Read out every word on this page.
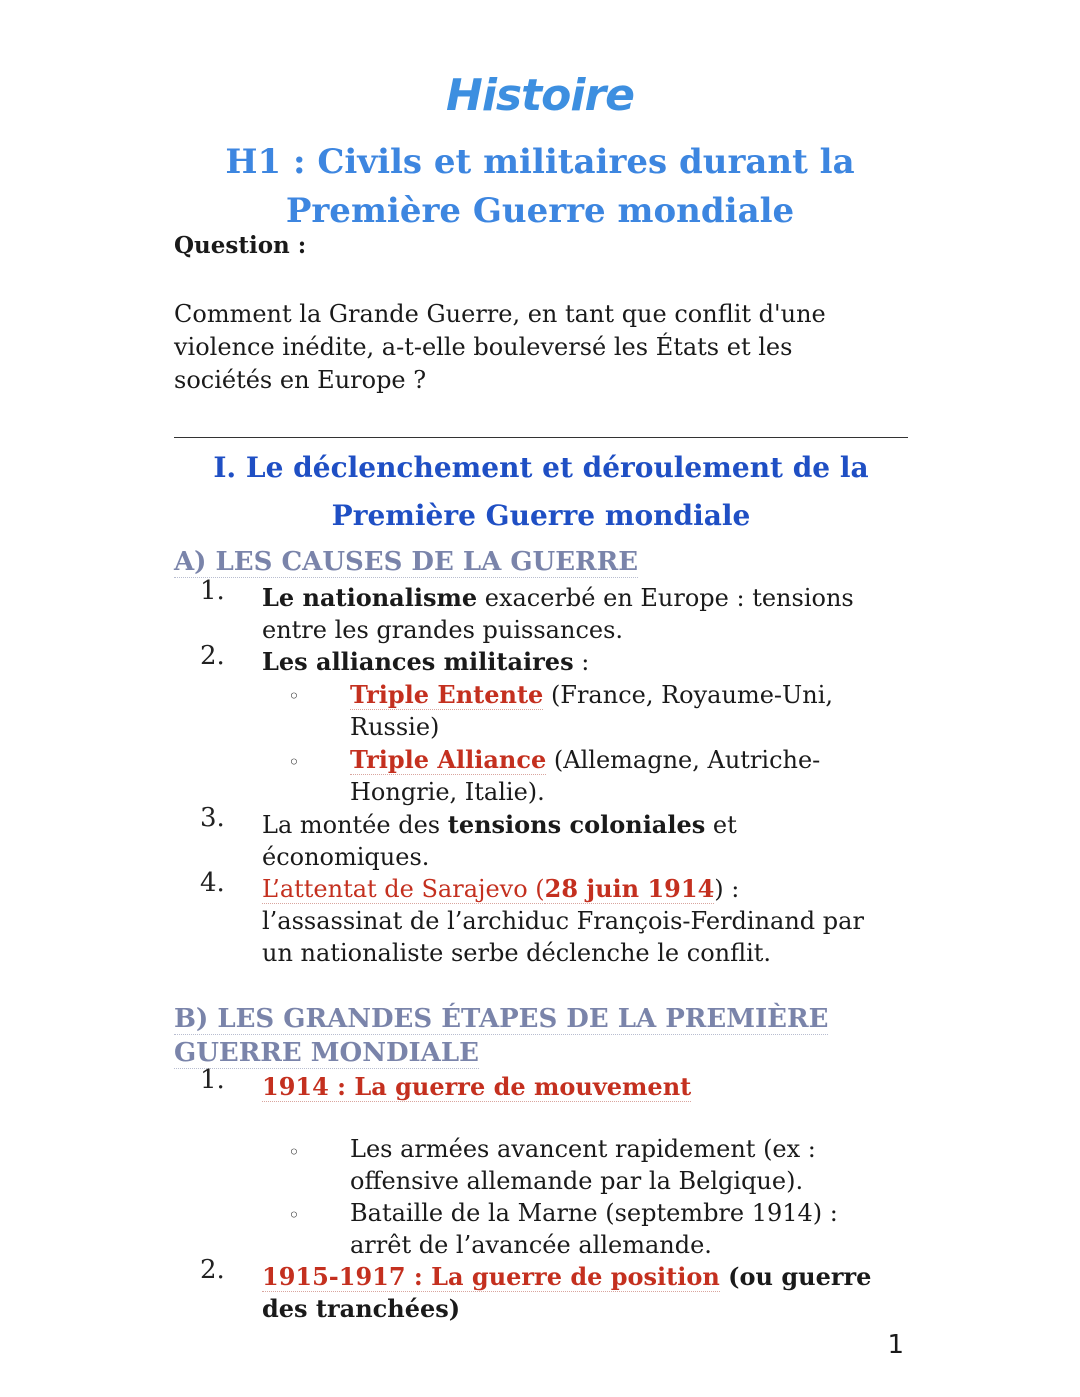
Histoire
H1 : Civils et militaires durant la
Première Guerre mondiale
Question :
Comment la Grande Guerre, en tant que conflit d'une
violence inédite, a-t-elle bouleversé les États et les
sociétés en Europe ?
I. Le déclenchement et déroulement de la
Première Guerre mondiale
A) LES CAUSES DE LA GUERRE
1. Le nationalisme exacerbé en Europe : tensions
entre les grandes puissances.
2. Les alliances militaires :
◦ Triple Entente (France, Royaume-Uni,
Russie)
◦ Triple Alliance (Allemagne, Autriche-
Hongrie, Italie).
3. La montée des tensions coloniales et
économiques.
4. L’attentat de Sarajevo (28 juin 1914) :
l’assassinat de l’archiduc François-Ferdinand par
un nationaliste serbe déclenche le conflit.
B) LES GRANDES ÉTAPES DE LA PREMIÈRE
GUERRE MONDIALE
1. 1914 : La guerre de mouvement
◦ Les armées avancent rapidement (ex :
offensive allemande par la Belgique).
◦ Bataille de la Marne (septembre 1914) :
arrêt de l’avancée allemande.
2. 1915-1917 : La guerre de position (ou guerre
des tranchées)
1
